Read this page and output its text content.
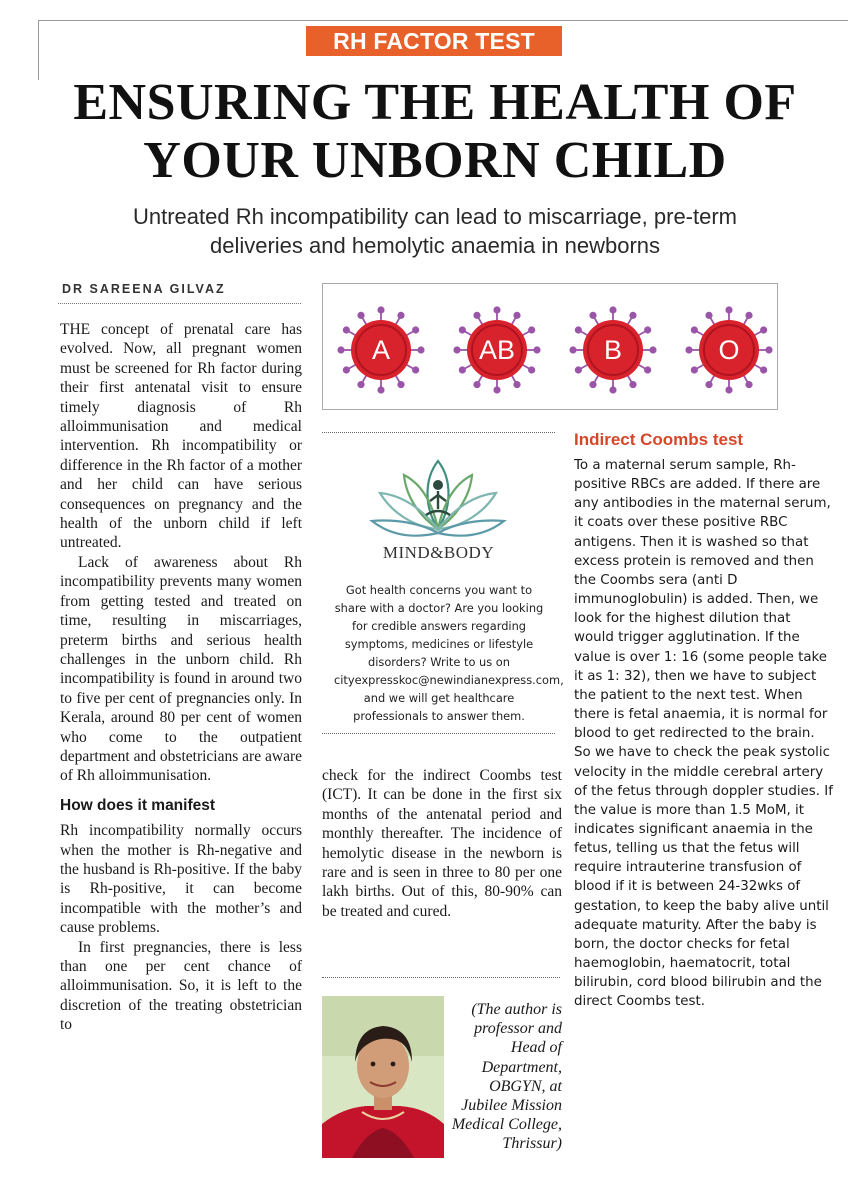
RH FACTOR TEST
ENSURING THE HEALTH OF
YOUR UNBORN CHILD
Untreated Rh incompatibility can lead to miscarriage, pre-term
deliveries and hemolytic anaemia in newborns
DR SAREENA GILVAZ

THE concept of prenatal care has evolved. Now, all pregnant women must be screened for Rh factor during their first antenatal visit to ensure timely diagnosis of Rh alloimmunisation and medical intervention. Rh incompatibility or difference in the Rh factor of a mother and her child can have serious consequences on pregnancy and the health of the unborn child if left untreated.

Lack of awareness about Rh incompatibility prevents many women from getting tested and treated on time, resulting in miscarriages, preterm births and serious health challenges in the unborn child. Rh incompatibility is found in around two to five per cent of pregnancies only. In Kerala, around 80 per cent of women who come to the outpatient department and obstetricians are aware of Rh alloimmunisation.

How does it manifest

Rh incompatibility normally occurs when the mother is Rh-negative and the husband is Rh-positive. If the baby is Rh-positive, it can become incompatible with the mother’s and cause problems.

In first pregnancies, there is less than one per cent chance of alloimmunisation. So, it is left to the discretion of the treating obstetrician to

A	AB	B	O
MIND&BODY
Got health concerns you want to share with a doctor? Are you looking for credible answers regarding symptoms, medicines or lifestyle disorders? Write to us on cityexpresskoc@newindianexpress.com, and we will get healthcare professionals to answer them.

check for the indirect Coombs test (ICT). It can be done in the first six months of the antenatal period and monthly thereafter. The incidence of hemolytic disease in the newborn is rare and is seen in three to 80 per one lakh births. Out of this, 80-90% can be treated and cured.

(The author is professor and Head of Department, OBGYN, at Jubilee Mission Medical College, Thrissur)
Indirect Coombs test
To a maternal serum sample, Rh-positive RBCs are added. If there are any antibodies in the maternal serum, it coats over these positive RBC antigens. Then it is washed so that excess protein is removed and then the Coombs sera (anti D immunoglobulin) is added. Then, we look for the highest dilution that would trigger agglutination. If the value is over 1: 16 (some people take it as 1: 32), then we have to subject the patient to the next test. When there is fetal anaemia, it is normal for blood to get redirected to the brain. So we have to check the peak systolic velocity in the middle cerebral artery of the fetus through doppler studies. If the value is more than 1.5 MoM, it indicates significant anaemia in the fetus, telling us that the fetus will require intrauterine transfusion of blood if it is between 24-32wks of gestation, to keep the baby alive until adequate maturity. After the baby is born, the doctor checks for fetal haemoglobin, haematocrit, total bilirubin, cord blood bilirubin and the direct Coombs test.
